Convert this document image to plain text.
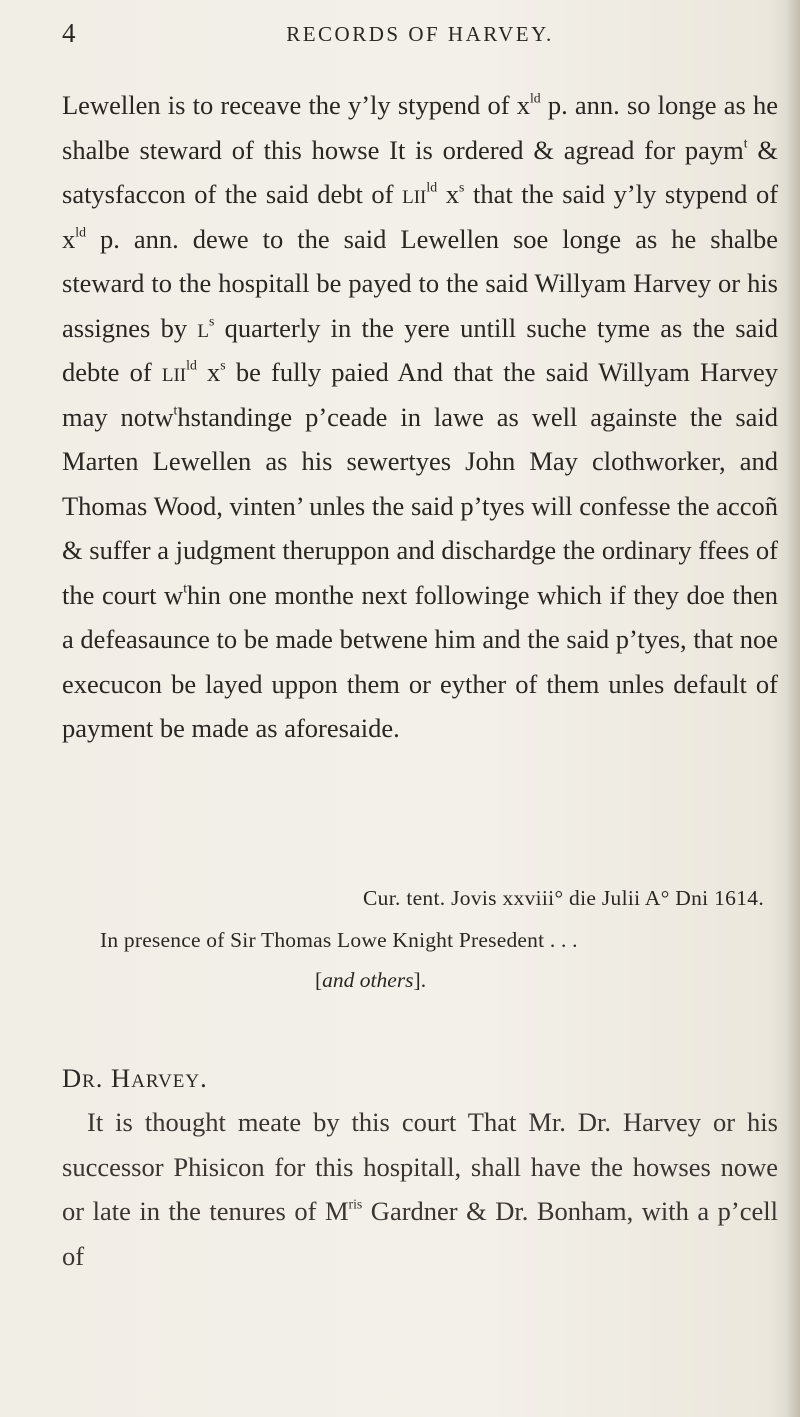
4	RECORDS OF HARVEY.

Lewellen is to receave the y’ly stypend of $x^{ld}$ p. ann. so longe as he shalbe steward of this howse It is ordered & agread for paym$^t$ & satysfaccon of the said debt of lii$^{ld}$ $x^s$ that the said y’ly stypend of $x^{ld}$ p. ann. dewe to the said Lewellen soe longe as he shalbe steward to the hospitall be payed to the said Willyam Harvey or his assignes by $l^s$ quarterly in the yere untill suche tyme as the said debte of lii$^{ld}$ $x^s$ be fully paied And that the said Willyam Harvey may notw$^t$hstandinge p’ceade in lawe as well againste the said Marten Lewellen as his sewertyes John May clothworker, and Thomas Wood, vinten’ unles the said p’tyes will confesse the accoñ & suffer a judgment theruppon and dischardge the ordinary ffees of the court $w^thin$ one monthe next followinge which if they doe then a defeasaunce to be made betwene him and the said p’tyes, that noe execucon be layed uppon them or eyther of them unles default of payment be made as aforesaide.

Cur. tent. Jovis xxviii° die Julii A° Dni 1614.

In presence of Sir Thomas Lowe Knight Presedent . . .

[and others].

Dr. Harvey.

It is thought meate by this court That Mr. Dr. Harvey or his successor Phisicon for this hospitall, shall have the howses nowe or late in the tenures of $M^{ris}$ Gardner & Dr. Bonham, with a p’cell of
